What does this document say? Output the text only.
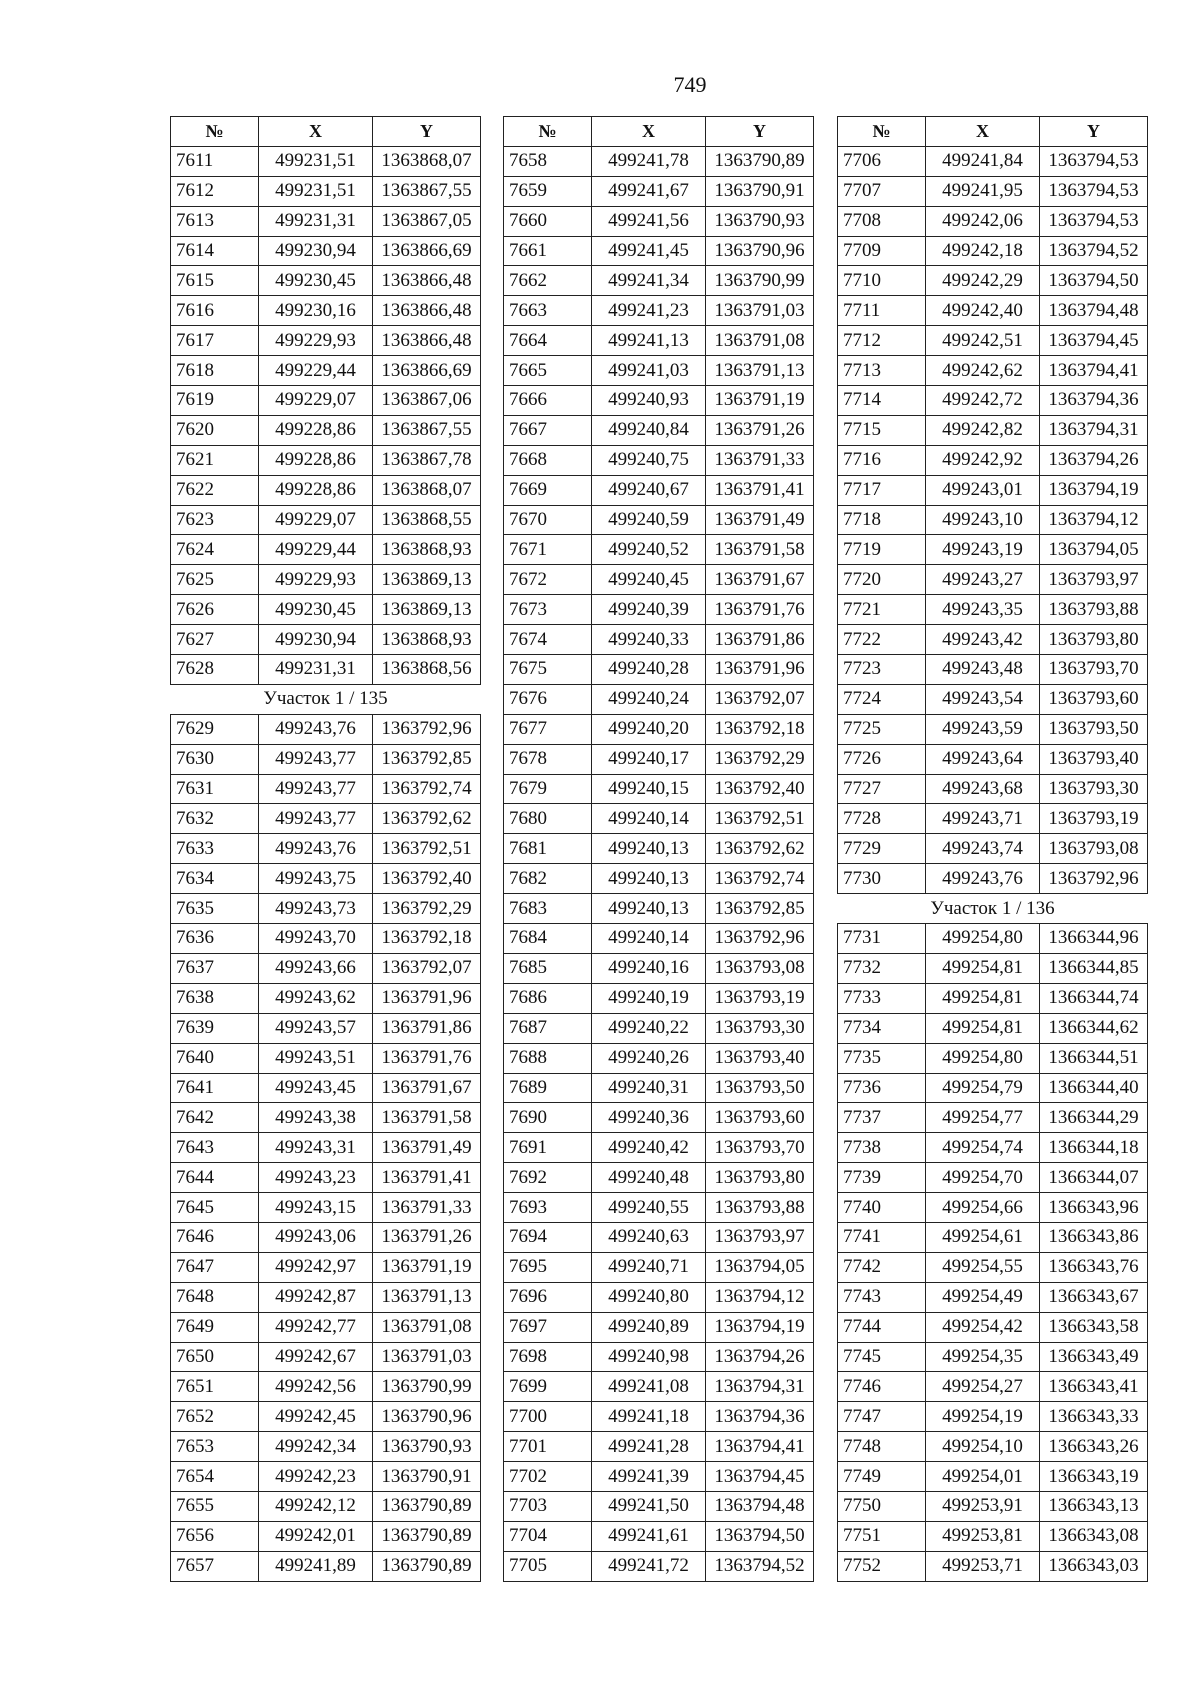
749
№	X	Y
7611	499231,51	1363868,07
7612	499231,51	1363867,55
7613	499231,31	1363867,05
7614	499230,94	1363866,69
7615	499230,45	1363866,48
7616	499230,16	1363866,48
7617	499229,93	1363866,48
7618	499229,44	1363866,69
7619	499229,07	1363867,06
7620	499228,86	1363867,55
7621	499228,86	1363867,78
7622	499228,86	1363868,07
7623	499229,07	1363868,55
7624	499229,44	1363868,93
7625	499229,93	1363869,13
7626	499230,45	1363869,13
7627	499230,94	1363868,93
7628	499231,31	1363868,56
Участок 1 / 135		
7629	499243,76	1363792,96
7630	499243,77	1363792,85
7631	499243,77	1363792,74
7632	499243,77	1363792,62
7633	499243,76	1363792,51
7634	499243,75	1363792,40
7635	499243,73	1363792,29
7636	499243,70	1363792,18
7637	499243,66	1363792,07
7638	499243,62	1363791,96
7639	499243,57	1363791,86
7640	499243,51	1363791,76
7641	499243,45	1363791,67
7642	499243,38	1363791,58
7643	499243,31	1363791,49
7644	499243,23	1363791,41
7645	499243,15	1363791,33
7646	499243,06	1363791,26
7647	499242,97	1363791,19
7648	499242,87	1363791,13
7649	499242,77	1363791,08
7650	499242,67	1363791,03
7651	499242,56	1363790,99
7652	499242,45	1363790,96
7653	499242,34	1363790,93
7654	499242,23	1363790,91
7655	499242,12	1363790,89
7656	499242,01	1363790,89
7657	499241,89	1363790,89
№	X	Y
7658	499241,78	1363790,89
7659	499241,67	1363790,91
7660	499241,56	1363790,93
7661	499241,45	1363790,96
7662	499241,34	1363790,99
7663	499241,23	1363791,03
7664	499241,13	1363791,08
7665	499241,03	1363791,13
7666	499240,93	1363791,19
7667	499240,84	1363791,26
7668	499240,75	1363791,33
7669	499240,67	1363791,41
7670	499240,59	1363791,49
7671	499240,52	1363791,58
7672	499240,45	1363791,67
7673	499240,39	1363791,76
7674	499240,33	1363791,86
7675	499240,28	1363791,96
7676	499240,24	1363792,07
7677	499240,20	1363792,18
7678	499240,17	1363792,29
7679	499240,15	1363792,40
7680	499240,14	1363792,51
7681	499240,13	1363792,62
7682	499240,13	1363792,74
7683	499240,13	1363792,85
7684	499240,14	1363792,96
7685	499240,16	1363793,08
7686	499240,19	1363793,19
7687	499240,22	1363793,30
7688	499240,26	1363793,40
7689	499240,31	1363793,50
7690	499240,36	1363793,60
7691	499240,42	1363793,70
7692	499240,48	1363793,80
7693	499240,55	1363793,88
7694	499240,63	1363793,97
7695	499240,71	1363794,05
7696	499240,80	1363794,12
7697	499240,89	1363794,19
7698	499240,98	1363794,26
7699	499241,08	1363794,31
7700	499241,18	1363794,36
7701	499241,28	1363794,41
7702	499241,39	1363794,45
7703	499241,50	1363794,48
7704	499241,61	1363794,50
7705	499241,72	1363794,52
№	X	Y
7706	499241,84	1363794,53
7707	499241,95	1363794,53
7708	499242,06	1363794,53
7709	499242,18	1363794,52
7710	499242,29	1363794,50
7711	499242,40	1363794,48
7712	499242,51	1363794,45
7713	499242,62	1363794,41
7714	499242,72	1363794,36
7715	499242,82	1363794,31
7716	499242,92	1363794,26
7717	499243,01	1363794,19
7718	499243,10	1363794,12
7719	499243,19	1363794,05
7720	499243,27	1363793,97
7721	499243,35	1363793,88
7722	499243,42	1363793,80
7723	499243,48	1363793,70
7724	499243,54	1363793,60
7725	499243,59	1363793,50
7726	499243,64	1363793,40
7727	499243,68	1363793,30
7728	499243,71	1363793,19
7729	499243,74	1363793,08
7730	499243,76	1363792,96
Участок 1 / 136		
7731	499254,80	1366344,96
7732	499254,81	1366344,85
7733	499254,81	1366344,74
7734	499254,81	1366344,62
7735	499254,80	1366344,51
7736	499254,79	1366344,40
7737	499254,77	1366344,29
7738	499254,74	1366344,18
7739	499254,70	1366344,07
7740	499254,66	1366343,96
7741	499254,61	1366343,86
7742	499254,55	1366343,76
7743	499254,49	1366343,67
7744	499254,42	1366343,58
7745	499254,35	1366343,49
7746	499254,27	1366343,41
7747	499254,19	1366343,33
7748	499254,10	1366343,26
7749	499254,01	1366343,19
7750	499253,91	1366343,13
7751	499253,81	1366343,08
7752	499253,71	1366343,03
